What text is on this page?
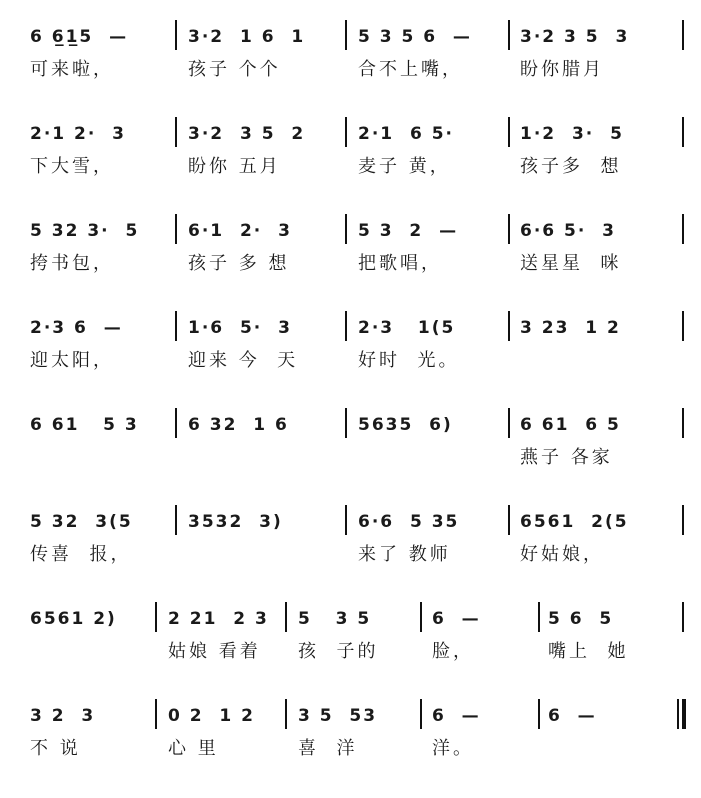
6 6̲1̲5  —
可来啦，
3·2  1 6  1
孩子 个个
5 3 5 6  —
合不上嘴，
3·2 3 5  3
盼你腊月
2·1 2·  3
下大雪，
3·2  3 5  2
盼你 五月
2·1  6 5·
麦子 黄，
1·2  3·  5
孩子多  想
5 32 3·  5
挎书包，
6·1  2·  3
孩子 多 想
5 3  2  —
把歌唱，
6·6 5·  3
送星星  咪
2·3 6  —
迎太阳，
1·6  5·  3
迎来 今  天
2·3   1(5
好时  光。
3 23  1 2
6 61   5 3	6 32  1 6	5635  6)	6 61  6 5
燕子 各家
5 32  3(5
传喜  报，
3532  3)	6·6  5 35
来了 教师
6561  2(5
好姑娘，
6561 2)	2 21  2 3
姑娘 看着
5   3 5
孩  子的
6  —
脸，
5 6  5
嘴上  她
3 2  3
不 说
0 2  1 2
心 里
3 5  53
喜  洋
6  —
洋。
6  —
